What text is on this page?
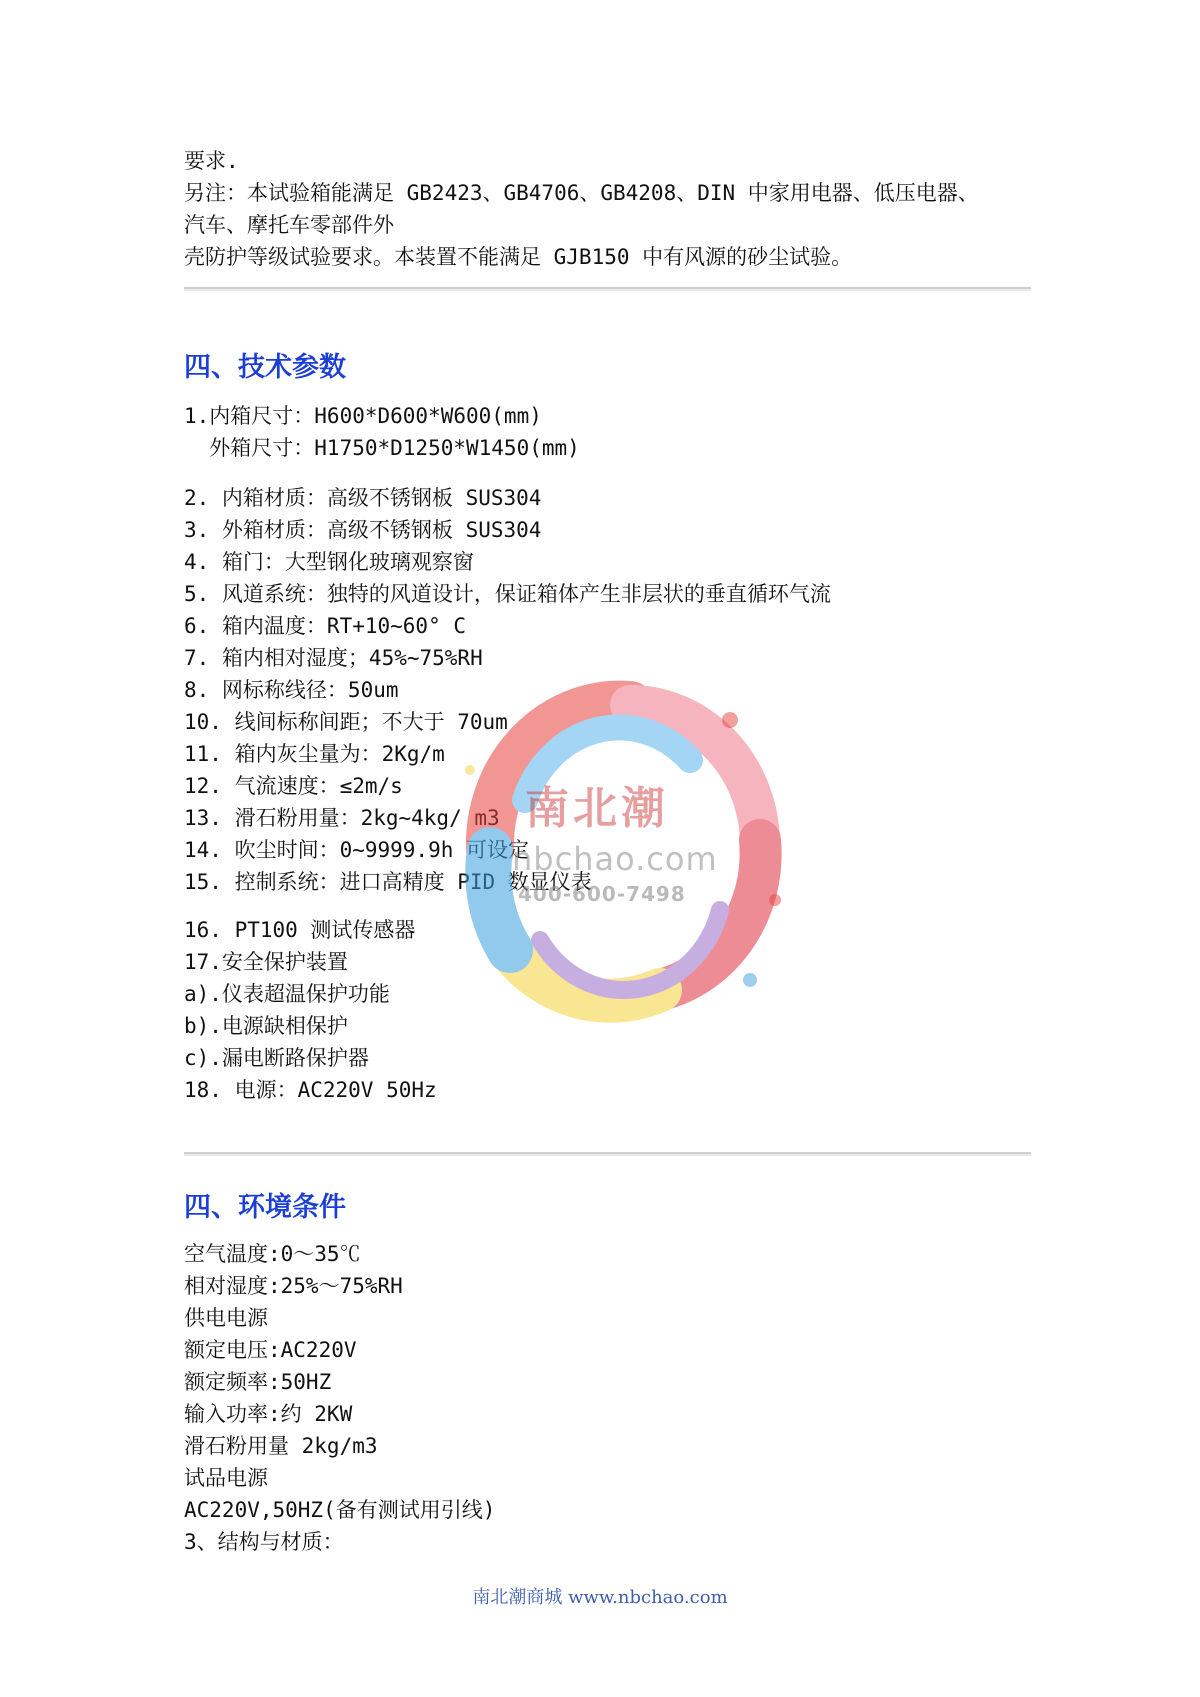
要求.
另注：本试验箱能满足 GB2423、GB4706、GB4208、DIN 中家用电器、低压电器、
汽车、摩托车零部件外
壳防护等级试验要求。本装置不能满足 GJB150 中有风源的砂尘试验。
四、技术参数
1.内箱尺寸：H600*D600*W600(mm)
外箱尺寸：H1750*D1250*W1450(mm)
2. 内箱材质：高级不锈钢板 SUS304
3. 外箱材质：高级不锈钢板 SUS304
4. 箱门：大型钢化玻璃观察窗
5. 风道系统：独特的风道设计，保证箱体产生非层状的垂直循环气流
6. 箱内温度：RT+10~60° C
7. 箱内相对湿度；45%~75%RH
8. 网标称线径：50um
10. 线间标称间距；不大于 70um
11. 箱内灰尘量为：2Kg/m
12. 气流速度：≤2m/s
13. 滑石粉用量：2kg~4kg/ m3
14. 吹尘时间：0~9999.9h 可设定
15. 控制系统：进口高精度 PID 数显仪表
16. PT100 测试传感器
17.安全保护装置
a).仪表超温保护功能
b).电源缺相保护
c).漏电断路保护器
18. 电源：AC220V 50Hz
四、环境条件
空气温度:0～35℃
相对湿度:25%～75%RH
供电电源
额定电压:AC220V
额定频率:50HZ
输入功率:约 2KW
滑石粉用量 2kg/m3
试品电源
AC220V,50HZ(备有测试用引线)
3、结构与材质：
南北潮
nbchao.com
400-600-7498
南北潮商城 www.nbchao.com
